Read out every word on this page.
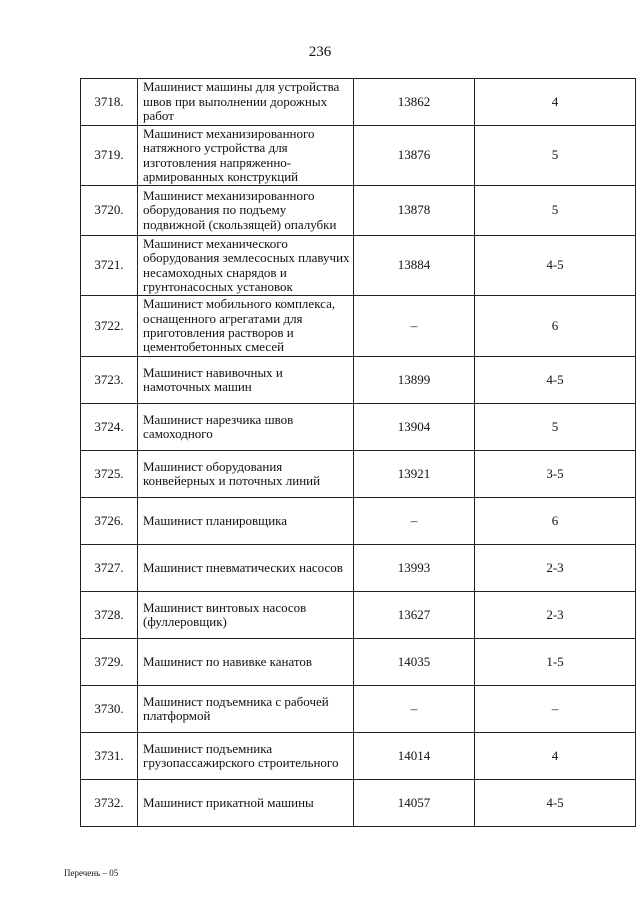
236
3718.	Машинист машины для устройства швов при выполнении дорожных работ	13862	4
3719.	Машинист механизированного натяжного устройства для изготовления напряженно-армированных конструкций	13876	5
3720.	Машинист механизированного оборудования по подъему подвижной (скользящей) опалубки	13878	5
3721.	Машинист механического оборудования землесосных плавучих несамоходных снарядов и грунтонасосных установок	13884	4-5
3722.	Машинист мобильного комплекса, оснащенного агрегатами для приготовления растворов и цементобетонных смесей	–	6
3723.	Машинист навивочных и намоточных машин	13899	4-5
3724.	Машинист нарезчика швов самоходного	13904	5
3725.	Машинист оборудования конвейерных и поточных линий	13921	3-5
3726.	Машинист планировщика	–	6
3727.	Машинист пневматических насосов	13993	2-3
3728.	Машинист винтовых насосов (фуллеровщик)	13627	2-3
3729.	Машинист по навивке канатов	14035	1-5
3730.	Машинист подъемника с рабочей платформой	–	–
3731.	Машинист подъемника грузопассажирского строительного	14014	4
3732.	Машинист прикатной машины	14057	4-5
Перечень – 05
